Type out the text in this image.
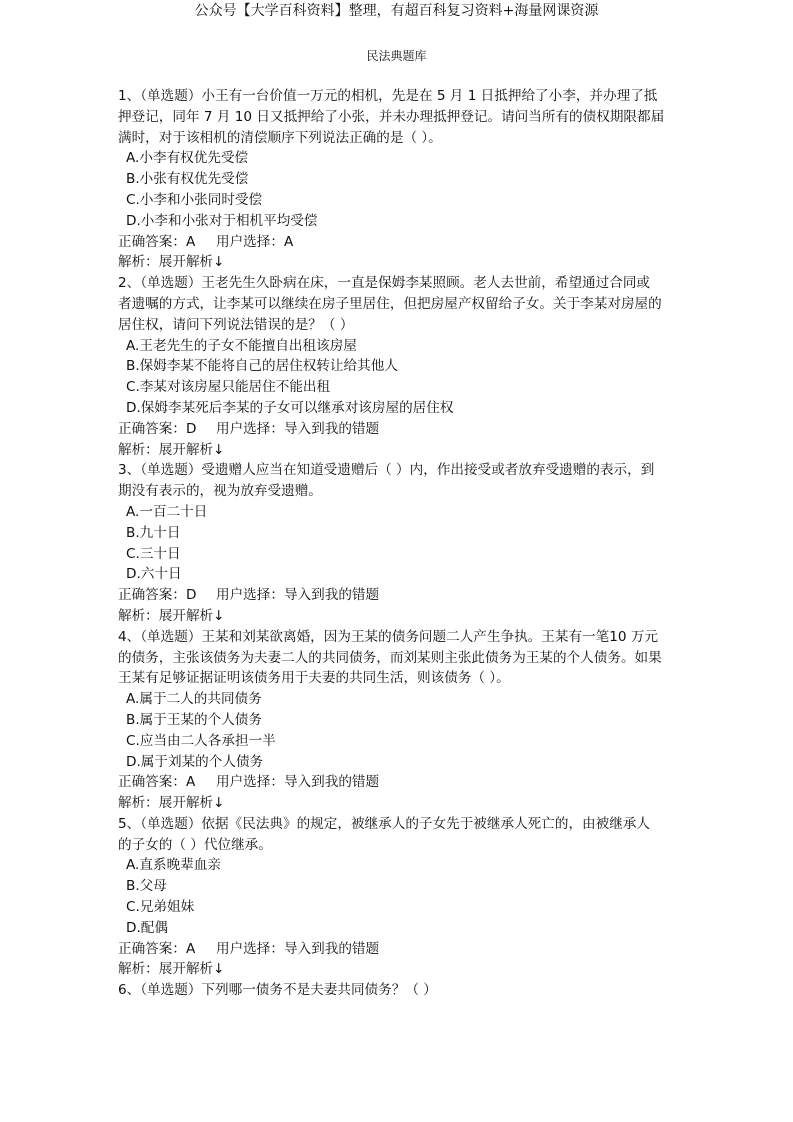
公众号【大学百科资料】整理，有超百科复习资料+海量网课资源
民法典题库
1、（单选题）小王有一台价值一万元的相机，先是在 5 月 1 日抵押给了小李，并办理了抵
押登记，同年 7 月 10 日又抵押给了小张，并未办理抵押登记。请问当所有的债权期限都届
满时，对于该相机的清偿顺序下列说法正确的是（ ）。
A.小李有权优先受偿
B.小张有权优先受偿
C.小李和小张同时受偿
D.小李和小张对于相机平均受偿
正确答案：A 用户选择：A
解析：展开解析↓
2、（单选题）王老先生久卧病在床，一直是保姆李某照顾。老人去世前，希望通过合同或
者遗嘱的方式，让李某可以继续在房子里居住，但把房屋产权留给子女。关于李某对房屋的
居住权，请问下列说法错误的是？（ ）
A.王老先生的子女不能擅自出租该房屋
B.保姆李某不能将自己的居住权转让给其他人
C.李某对该房屋只能居住不能出租
D.保姆李某死后李某的子女可以继承对该房屋的居住权
正确答案：D 用户选择：导入到我的错题
解析：展开解析↓
3、（单选题）受遗赠人应当在知道受遗赠后（ ）内，作出接受或者放弃受遗赠的表示，到
期没有表示的，视为放弃受遗赠。
A.一百二十日
B.九十日
C.三十日
D.六十日
正确答案：D 用户选择：导入到我的错题
解析：展开解析↓
4、（单选题）王某和刘某欲离婚，因为王某的债务问题二人产生争执。王某有一笔10 万元
的债务，主张该债务为夫妻二人的共同债务，而刘某则主张此债务为王某的个人债务。如果
王某有足够证据证明该债务用于夫妻的共同生活，则该债务（ ）。
A.属于二人的共同债务
B.属于王某的个人债务
C.应当由二人各承担一半
D.属于刘某的个人债务
正确答案：A 用户选择：导入到我的错题
解析：展开解析↓
5、（单选题）依据《民法典》的规定，被继承人的子女先于被继承人死亡的，由被继承人
的子女的（ ）代位继承。
A.直系晚辈血亲
B.父母
C.兄弟姐妹
D.配偶
正确答案：A 用户选择：导入到我的错题
解析：展开解析↓
6、（单选题）下列哪一债务不是夫妻共同债务？（ ）
